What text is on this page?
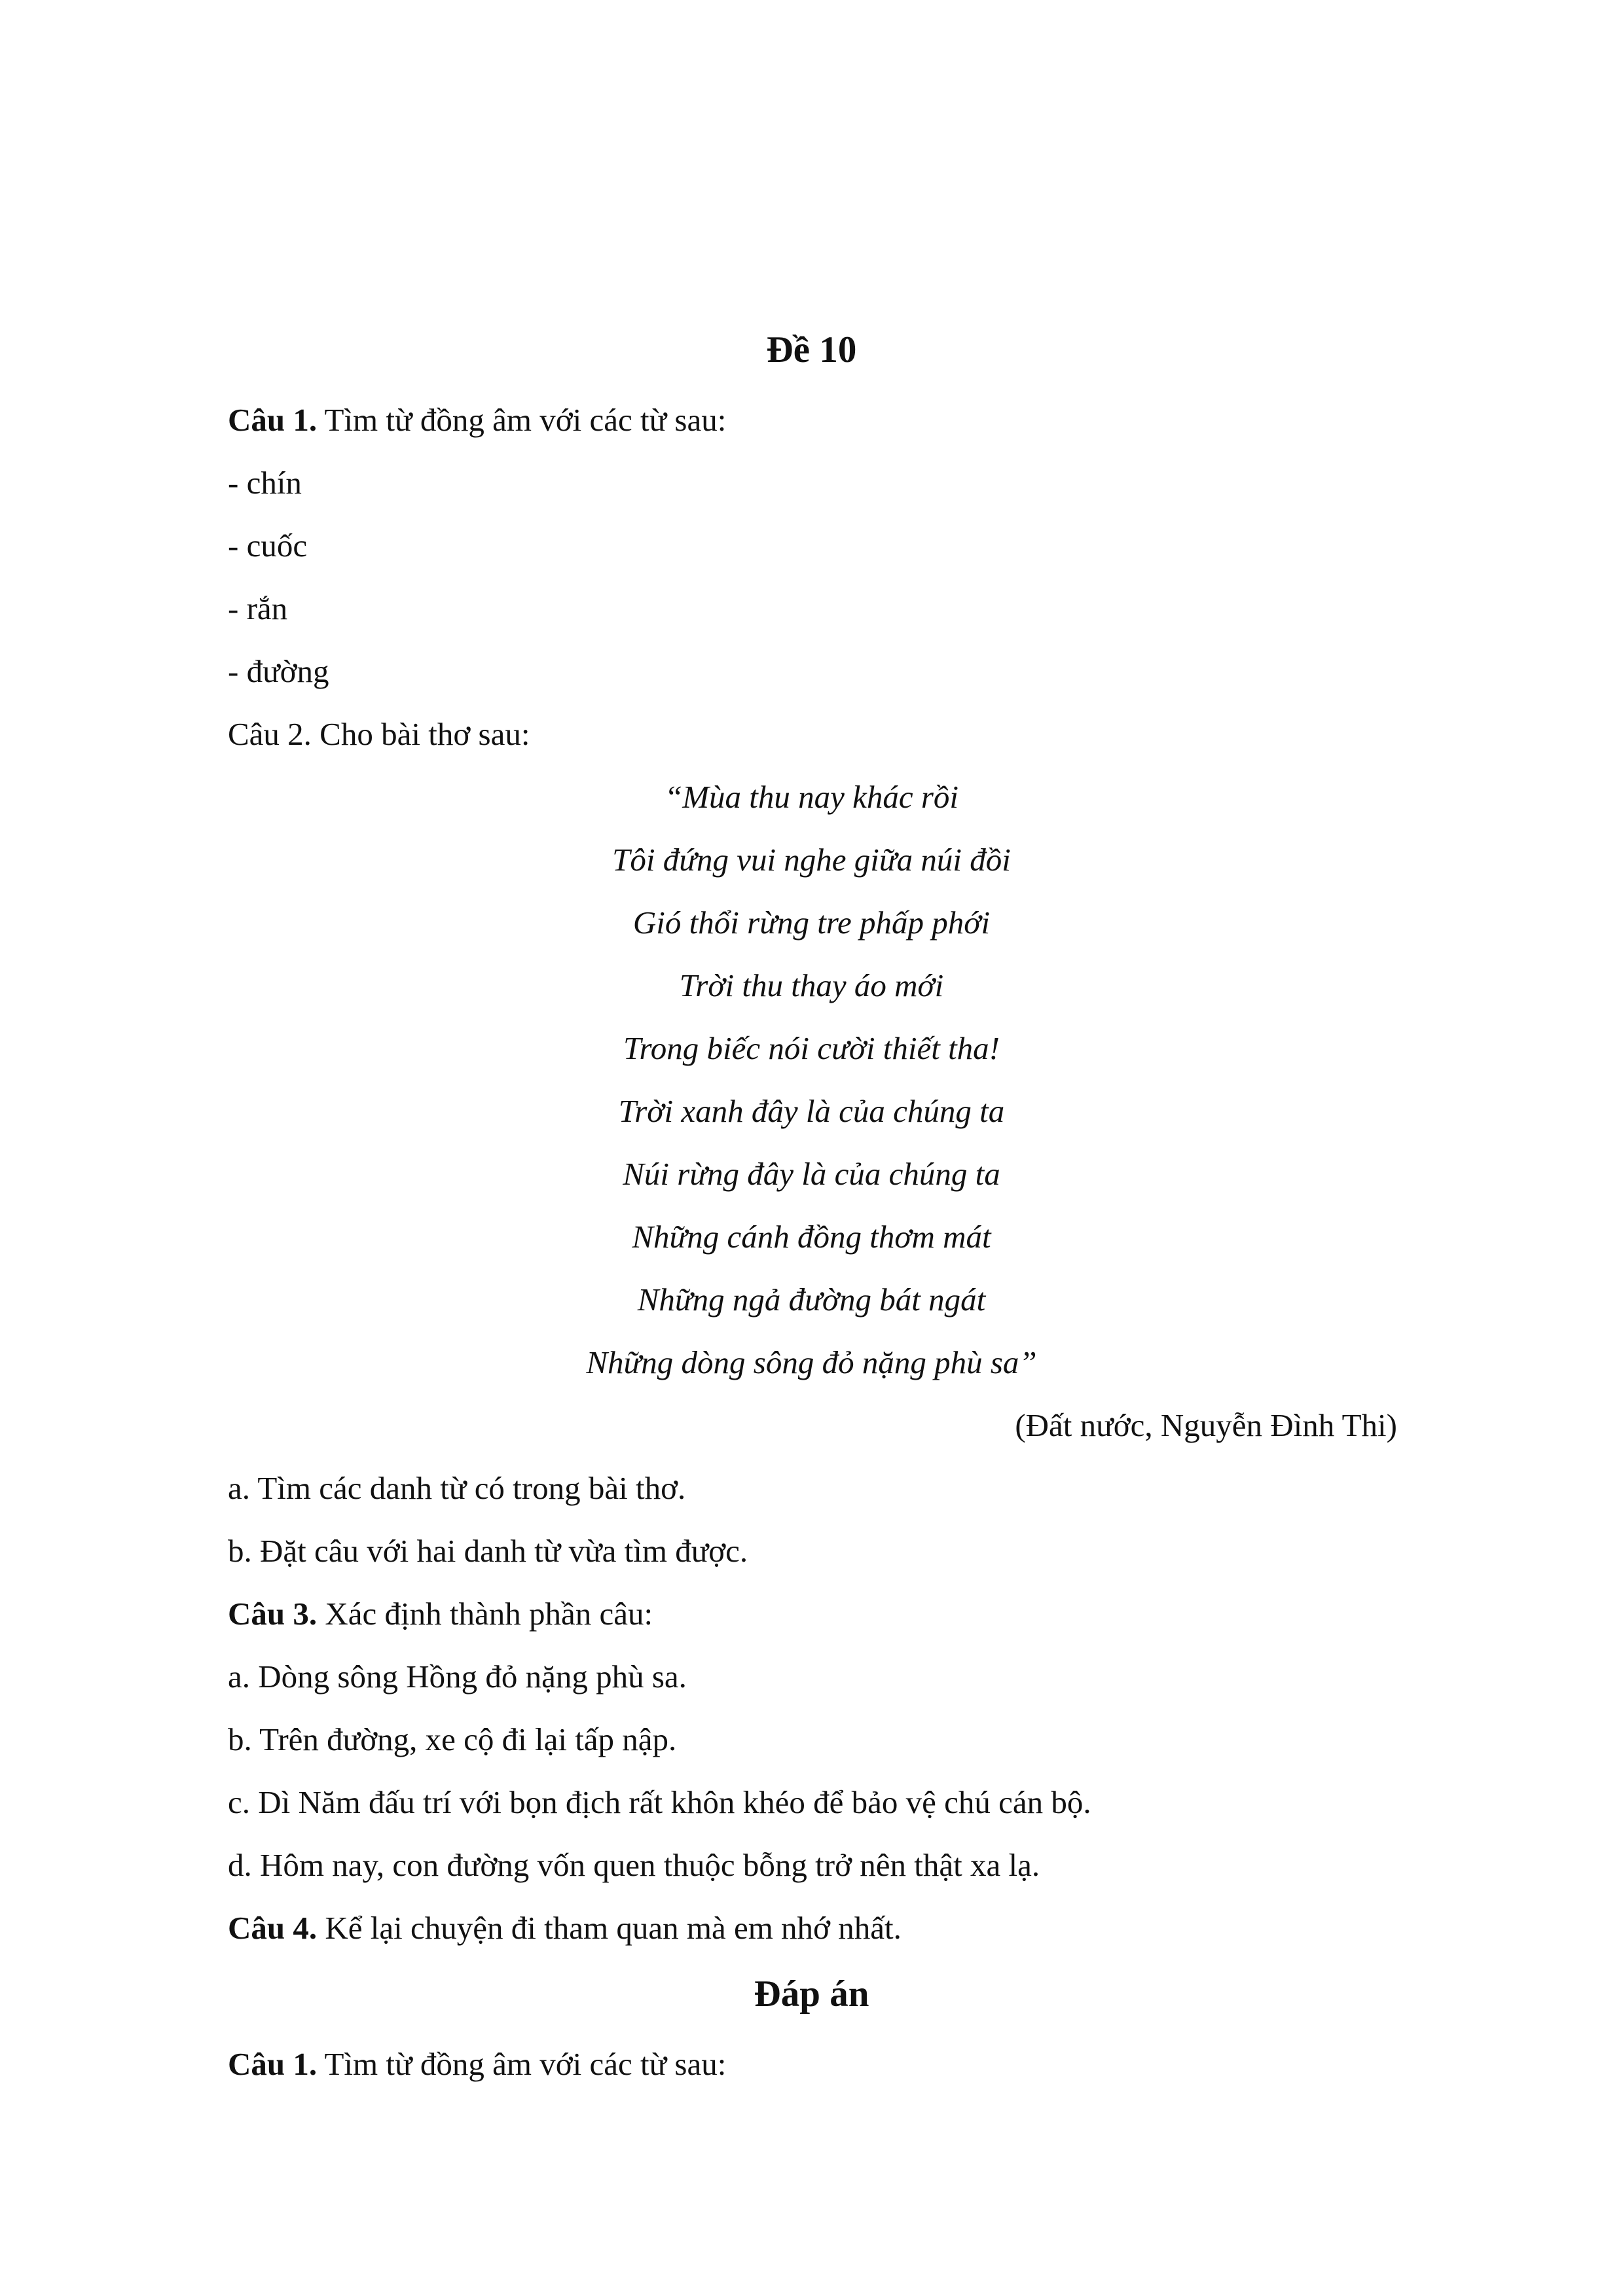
Đề 10
Câu 1. Tìm từ đồng âm với các từ sau:
- chín
- cuốc
- rắn
- đường
Câu 2. Cho bài thơ sau:
“Mùa thu nay khác rồi
Tôi đứng vui nghe giữa núi đồi
Gió thổi rừng tre phấp phới
Trời thu thay áo mới
Trong biếc nói cười thiết tha!
Trời xanh đây là của chúng ta
Núi rừng đây là của chúng ta
Những cánh đồng thơm mát
Những ngả đường bát ngát
Những dòng sông đỏ nặng phù sa”
(Đất nước, Nguyễn Đình Thi)
a. Tìm các danh từ có trong bài thơ.
b. Đặt câu với hai danh từ vừa tìm được.
Câu 3. Xác định thành phần câu:
a. Dòng sông Hồng đỏ nặng phù sa.
b. Trên đường, xe cộ đi lại tấp nập.
c. Dì Năm đấu trí với bọn địch rất khôn khéo để bảo vệ chú cán bộ.
d. Hôm nay, con đường vốn quen thuộc bỗng trở nên thật xa lạ.
Câu 4. Kể lại chuyện đi tham quan mà em nhớ nhất.
Đáp án
Câu 1. Tìm từ đồng âm với các từ sau:
